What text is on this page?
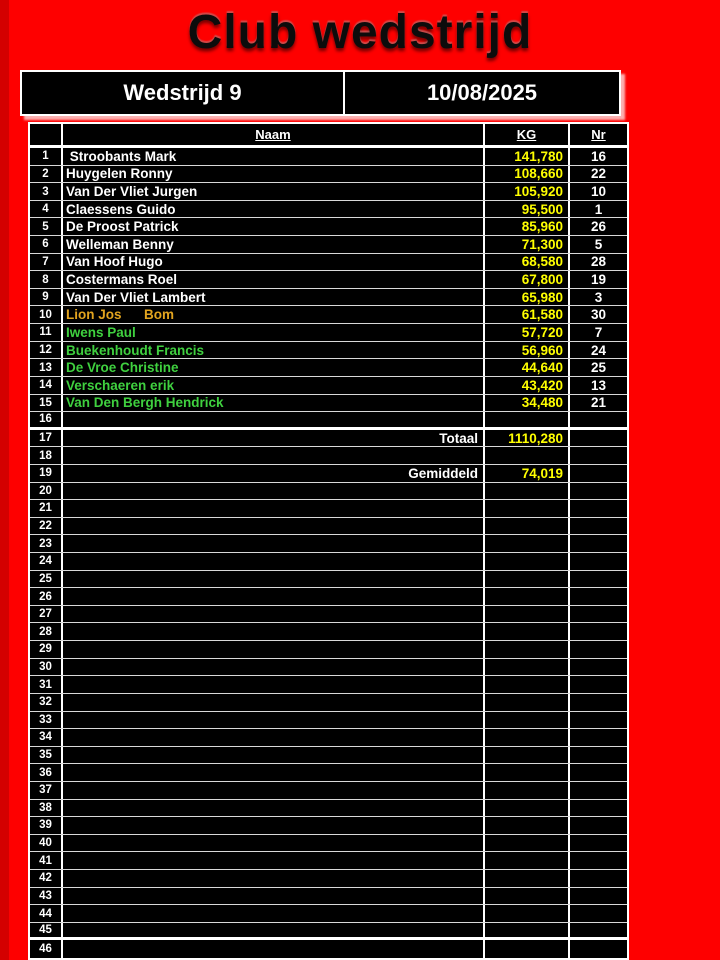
Club wedstrijd
Wedstrijd 9	10/08/2025
Naam	KG	Nr
1	Stroobants Mark	141,780	16
2	Huygelen Ronny	108,660	22
3	Van Der Vliet Jurgen	105,920	10
4	Claessens Guido	95,500	1
5	De Proost Patrick	85,960	26
6	Welleman Benny	71,300	5
7	Van Hoof Hugo	68,580	28
8	Costermans Roel	67,800	19
9	Van Der Vliet Lambert	65,980	3
10	Lion Jos      Bom	61,580	30
11	Iwens Paul	57,720	7
12	Buekenhoudt Francis	56,960	24
13	De Vroe Christine	44,640	25
14	Verschaeren erik	43,420	13
15	Van Den Bergh Hendrick	34,480	21
16
17	Totaal	1110,280
18
19	Gemiddeld	74,019
20
21
22
23
24
25
26
27
28
29
30
31
32
33
34
35
36
37
38
39
40
41
42
43
44
45
46
